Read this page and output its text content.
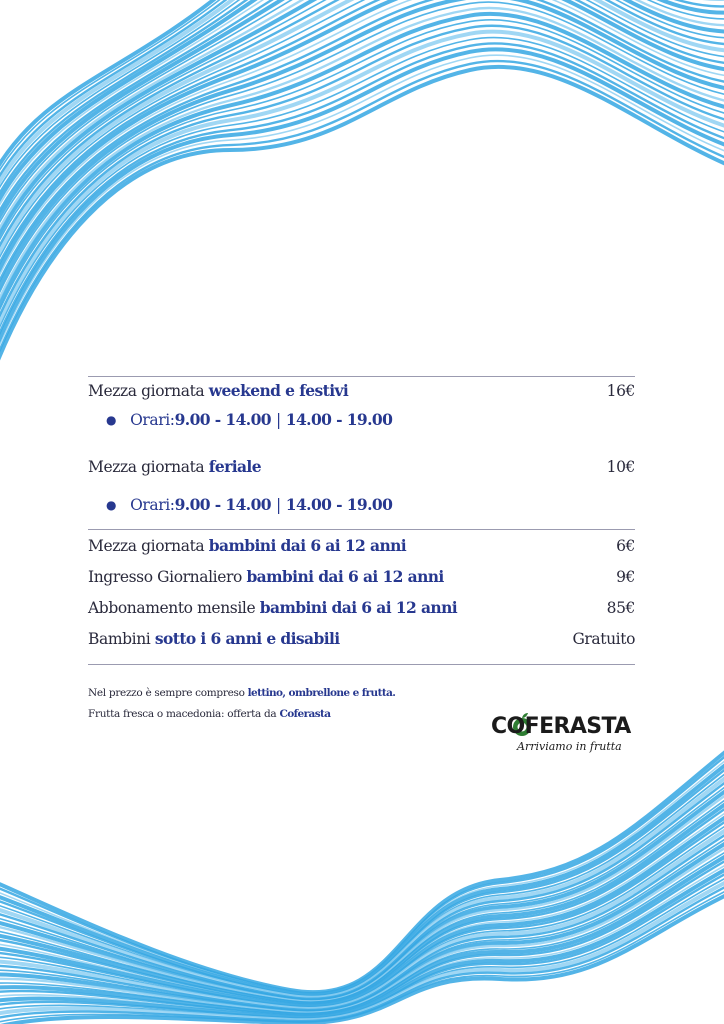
Mezza giornata weekend e festivi	16€
● Orari: 9.00 - 14.00 | 14.00 - 19.00
Mezza giornata feriale	10€
● Orari: 9.00 - 14.00 | 14.00 - 19.00
Mezza giornata bambini dai 6 ai 12 anni	6€
Ingresso Giornaliero bambini dai 6 ai 12 anni	9€
Abbonamento mensile bambini dai 6 ai 12 anni	85€
Bambini sotto i 6 anni e disabili	Gratuito
Nel prezzo è sempre compreso lettino, ombrellone e frutta.
Frutta fresca o macedonia: offerta da Coferasta	COFERASTA
Arriviamo in frutta
